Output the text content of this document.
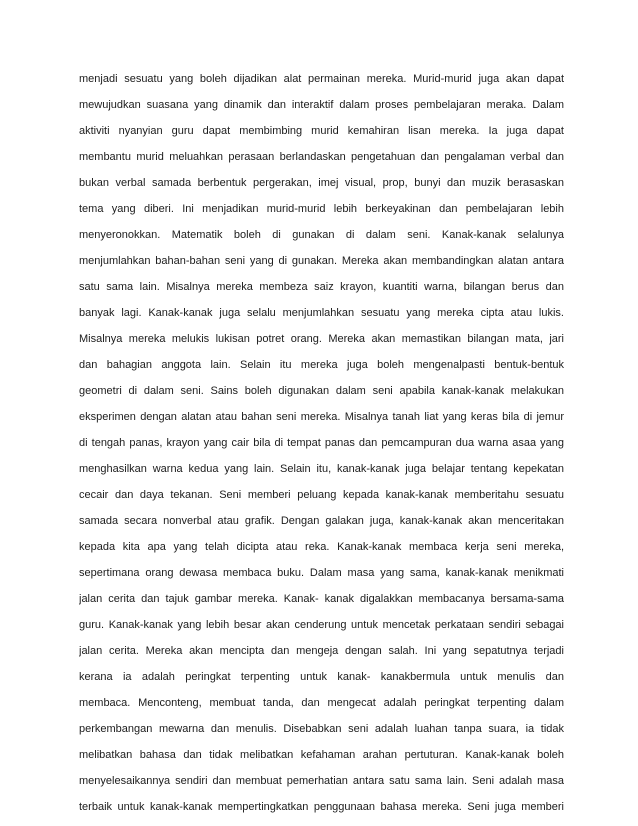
menjadi sesuatu yang boleh dijadikan alat permainan mereka. Murid-murid juga akan dapat
mewujudkan suasana yang dinamik dan interaktif dalam proses pembelajaran meraka. Dalam
aktiviti nyanyian guru dapat membimbing murid kemahiran lisan mereka. Ia juga dapat
membantu murid meluahkan perasaan berlandaskan pengetahuan dan pengalaman verbal dan
bukan verbal samada berbentuk pergerakan, imej visual, prop, bunyi dan muzik berasaskan
tema yang diberi. Ini menjadikan murid-murid lebih berkeyakinan dan pembelajaran lebih
menyeronokkan. Matematik boleh di gunakan di dalam seni. Kanak-kanak selalunya
menjumlahkan bahan-bahan seni yang di gunakan. Mereka akan membandingkan alatan antara
satu sama lain. Misalnya mereka membeza saiz krayon, kuantiti warna, bilangan berus dan
banyak lagi. Kanak-kanak juga selalu menjumlahkan sesuatu yang mereka cipta atau lukis.
Misalnya mereka melukis lukisan potret orang. Mereka akan memastikan bilangan mata, jari
dan bahagian anggota lain. Selain itu mereka juga boleh mengenalpasti bentuk-bentuk
geometri di dalam seni. Sains boleh digunakan dalam seni apabila kanak-kanak melakukan
eksperimen dengan alatan atau bahan seni mereka. Misalnya tanah liat yang keras bila di jemur
di tengah panas, krayon yang cair bila di tempat panas dan pemcampuran dua warna asaa yang
menghasilkan warna kedua yang lain. Selain itu, kanak-kanak juga belajar tentang kepekatan
cecair dan daya tekanan. Seni memberi peluang kepada kanak-kanak memberitahu sesuatu
samada secara nonverbal atau grafik. Dengan galakan juga, kanak-kanak akan menceritakan
kepada kita apa yang telah dicipta atau reka. Kanak-kanak membaca kerja seni mereka,
sepertimana orang dewasa membaca buku. Dalam masa yang sama, kanak-kanak menikmati
jalan cerita dan tajuk gambar mereka. Kanak- kanak digalakkan membacanya bersama-sama
guru. Kanak-kanak yang lebih besar akan cenderung untuk mencetak perkataan sendiri sebagai
jalan cerita. Mereka akan mencipta dan mengeja dengan salah. Ini yang sepatutnya terjadi
kerana ia adalah peringkat terpenting untuk kanak- kanakbermula untuk menulis dan
membaca. Menconteng, membuat tanda, dan mengecat adalah peringkat terpenting dalam
perkembangan mewarna dan menulis. Disebabkan seni adalah luahan tanpa suara, ia tidak
melibatkan bahasa dan tidak melibatkan kefahaman arahan pertuturan. Kanak-kanak boleh
menyelesaikannya sendiri dan membuat pemerhatian antara satu sama lain. Seni adalah masa
terbaik untuk kanak-kanak mempertingkatkan penggunaan bahasa mereka. Seni juga memberi
